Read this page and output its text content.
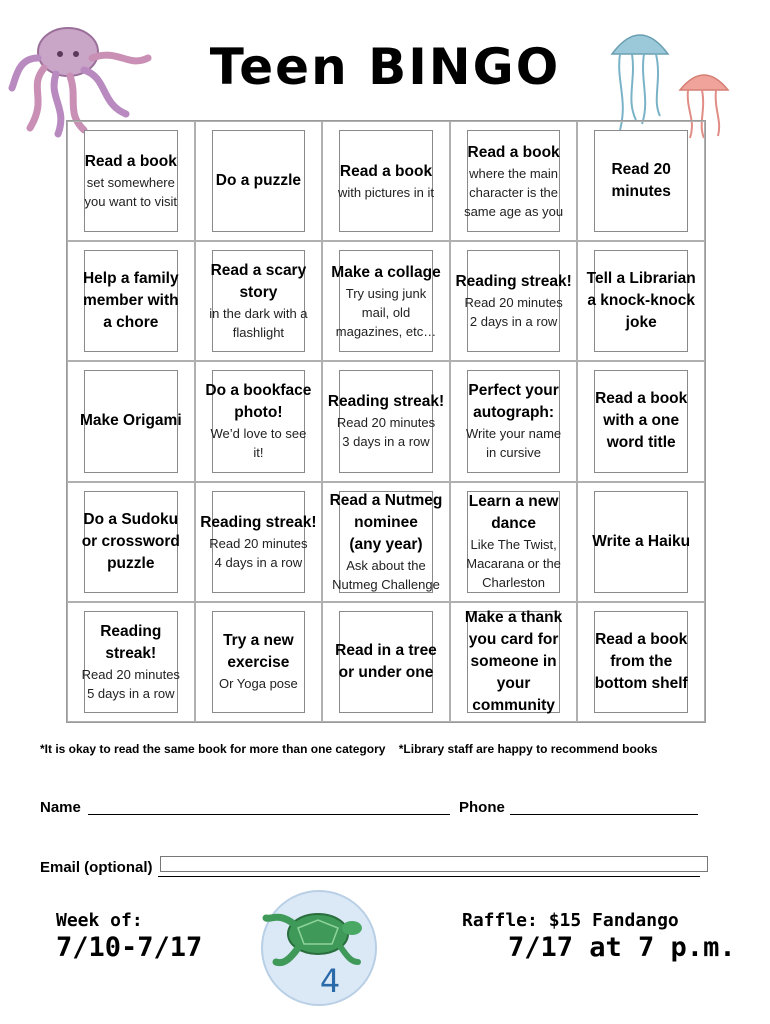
Teen BINGO
Read a book
set somewhere
you want to visit
Do a puzzle
Read a book
with pictures in it
Read a book
where the main
character is the
same age as you
Read 20
minutes
Help a family
member with
a chore
Read a scary
story
in the dark with a
flashlight
Make a collage
Try using junk
mail, old
magazines, etc…
Reading streak!
Read 20 minutes
2 days in a row
Tell a Librarian
a knock-knock
joke
Make Origami
Do a bookface
photo!
We’d love to see
it!
Reading streak!
Read 20 minutes
3 days in a row
Perfect your
autograph:
Write your name
in cursive
Read a book
with a one
word title
Do a Sudoku
or crossword
puzzle
Reading streak!
Read 20 minutes
4 days in a row
Read a Nutmeg
nominee
(any year)
Ask about the
Nutmeg Challenge
Learn a new
dance
Like The Twist,
Macarana or the
Charleston
Write a Haiku
Reading
streak!
Read 20 minutes
5 days in a row
Try a new
exercise
Or Yoga pose
Read in a tree
or under one
Make a thank
you card for
someone in
your
community
Read a book
from the
bottom shelf
*It is okay to read the same book for more than one category *Library staff are happy to recommend books
Name	Phone
Email (optional)
Week of:
7/10-7/17
Raffle: $15 Fandango
7/17 at 7 p.m.
4
